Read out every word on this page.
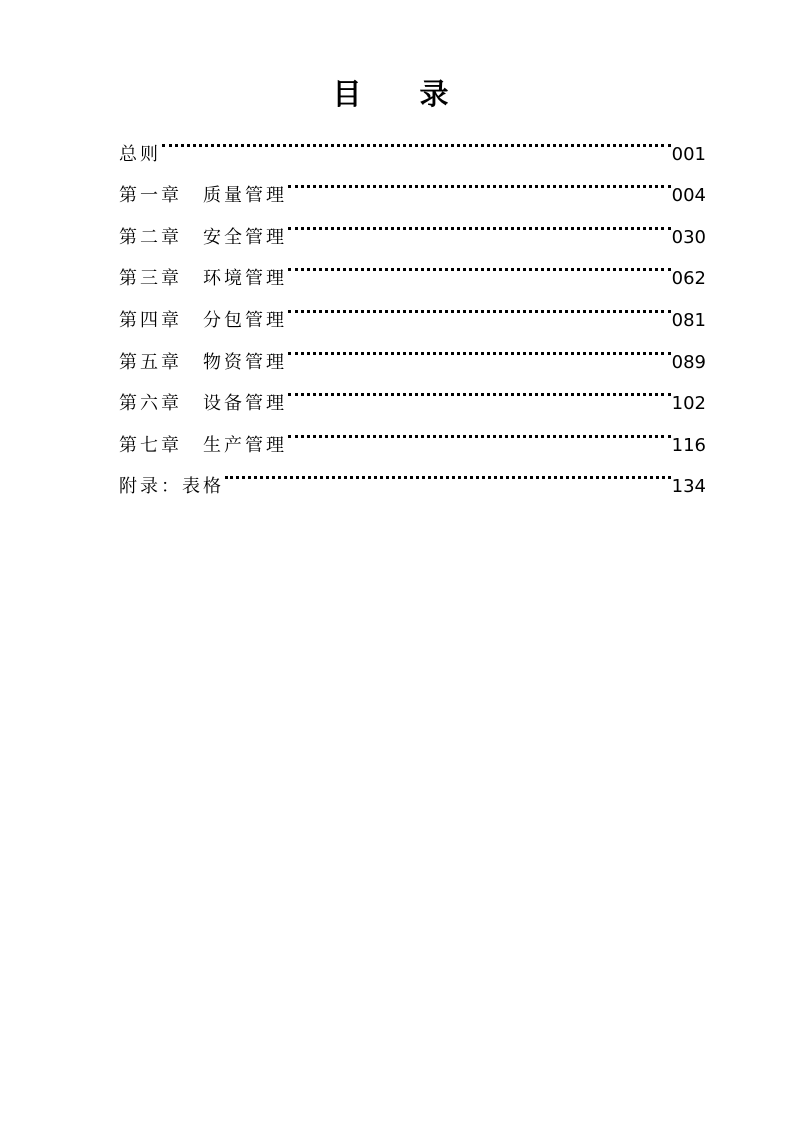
目 录
总则	001
第一章	质量管理	004
第二章	安全管理	030
第三章	环境管理	062
第四章	分包管理	081
第五章	物资管理	089
第六章	设备管理	102
第七章	生产管理	116
附录：表格	134
